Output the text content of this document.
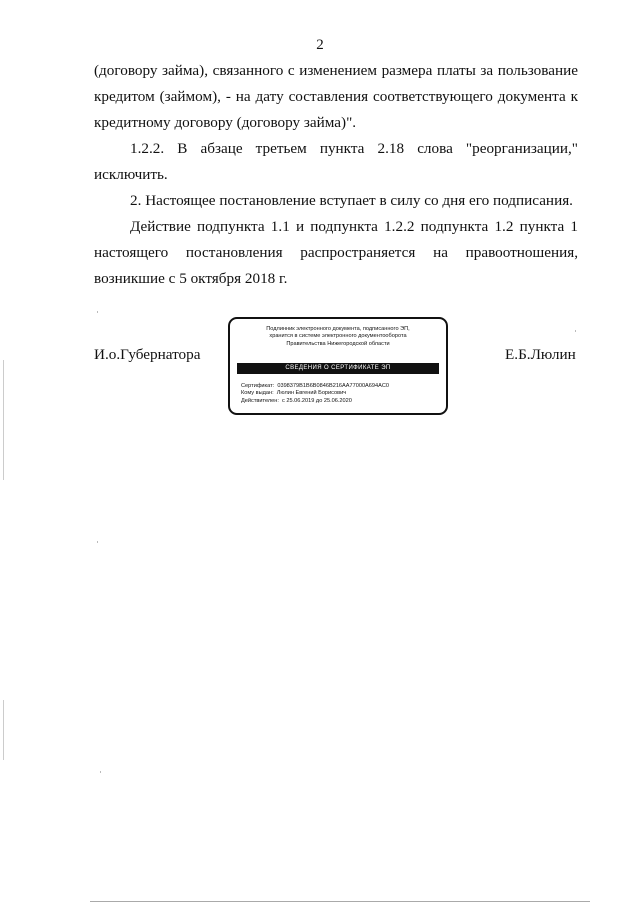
2

(договору займа), связанного с изменением размера платы за пользование

кредитом (займом), - на дату составления соответствующего документа к

кредитному договору (договору займа)".

1.2.2. В абзаце третьем пункта 2.18 слова "реорганизации,"

исключить.

2. Настоящее постановление вступает в силу со дня его подписания.

Действие подпункта 1.1 и подпункта 1.2.2 подпункта 1.2 пункта 1

настоящего постановления распространяется на правоотношения,

возникшие с 5 октября 2018 г.

И.о.Губернатора	Е.Б.Люлин
Подлинник электронного документа, подписанного ЭП,
хранится в системе электронного документооборота
Правительства Нижегородской области
СВЕДЕНИЯ О СЕРТИФИКАТЕ ЭП
Сертификат: 0398379B1B6B0846B216AA77000A694AC0
Кому выдан: Люлин Евгений Борисович
Действителен: с 25.06.2019 до 25.06.2020
